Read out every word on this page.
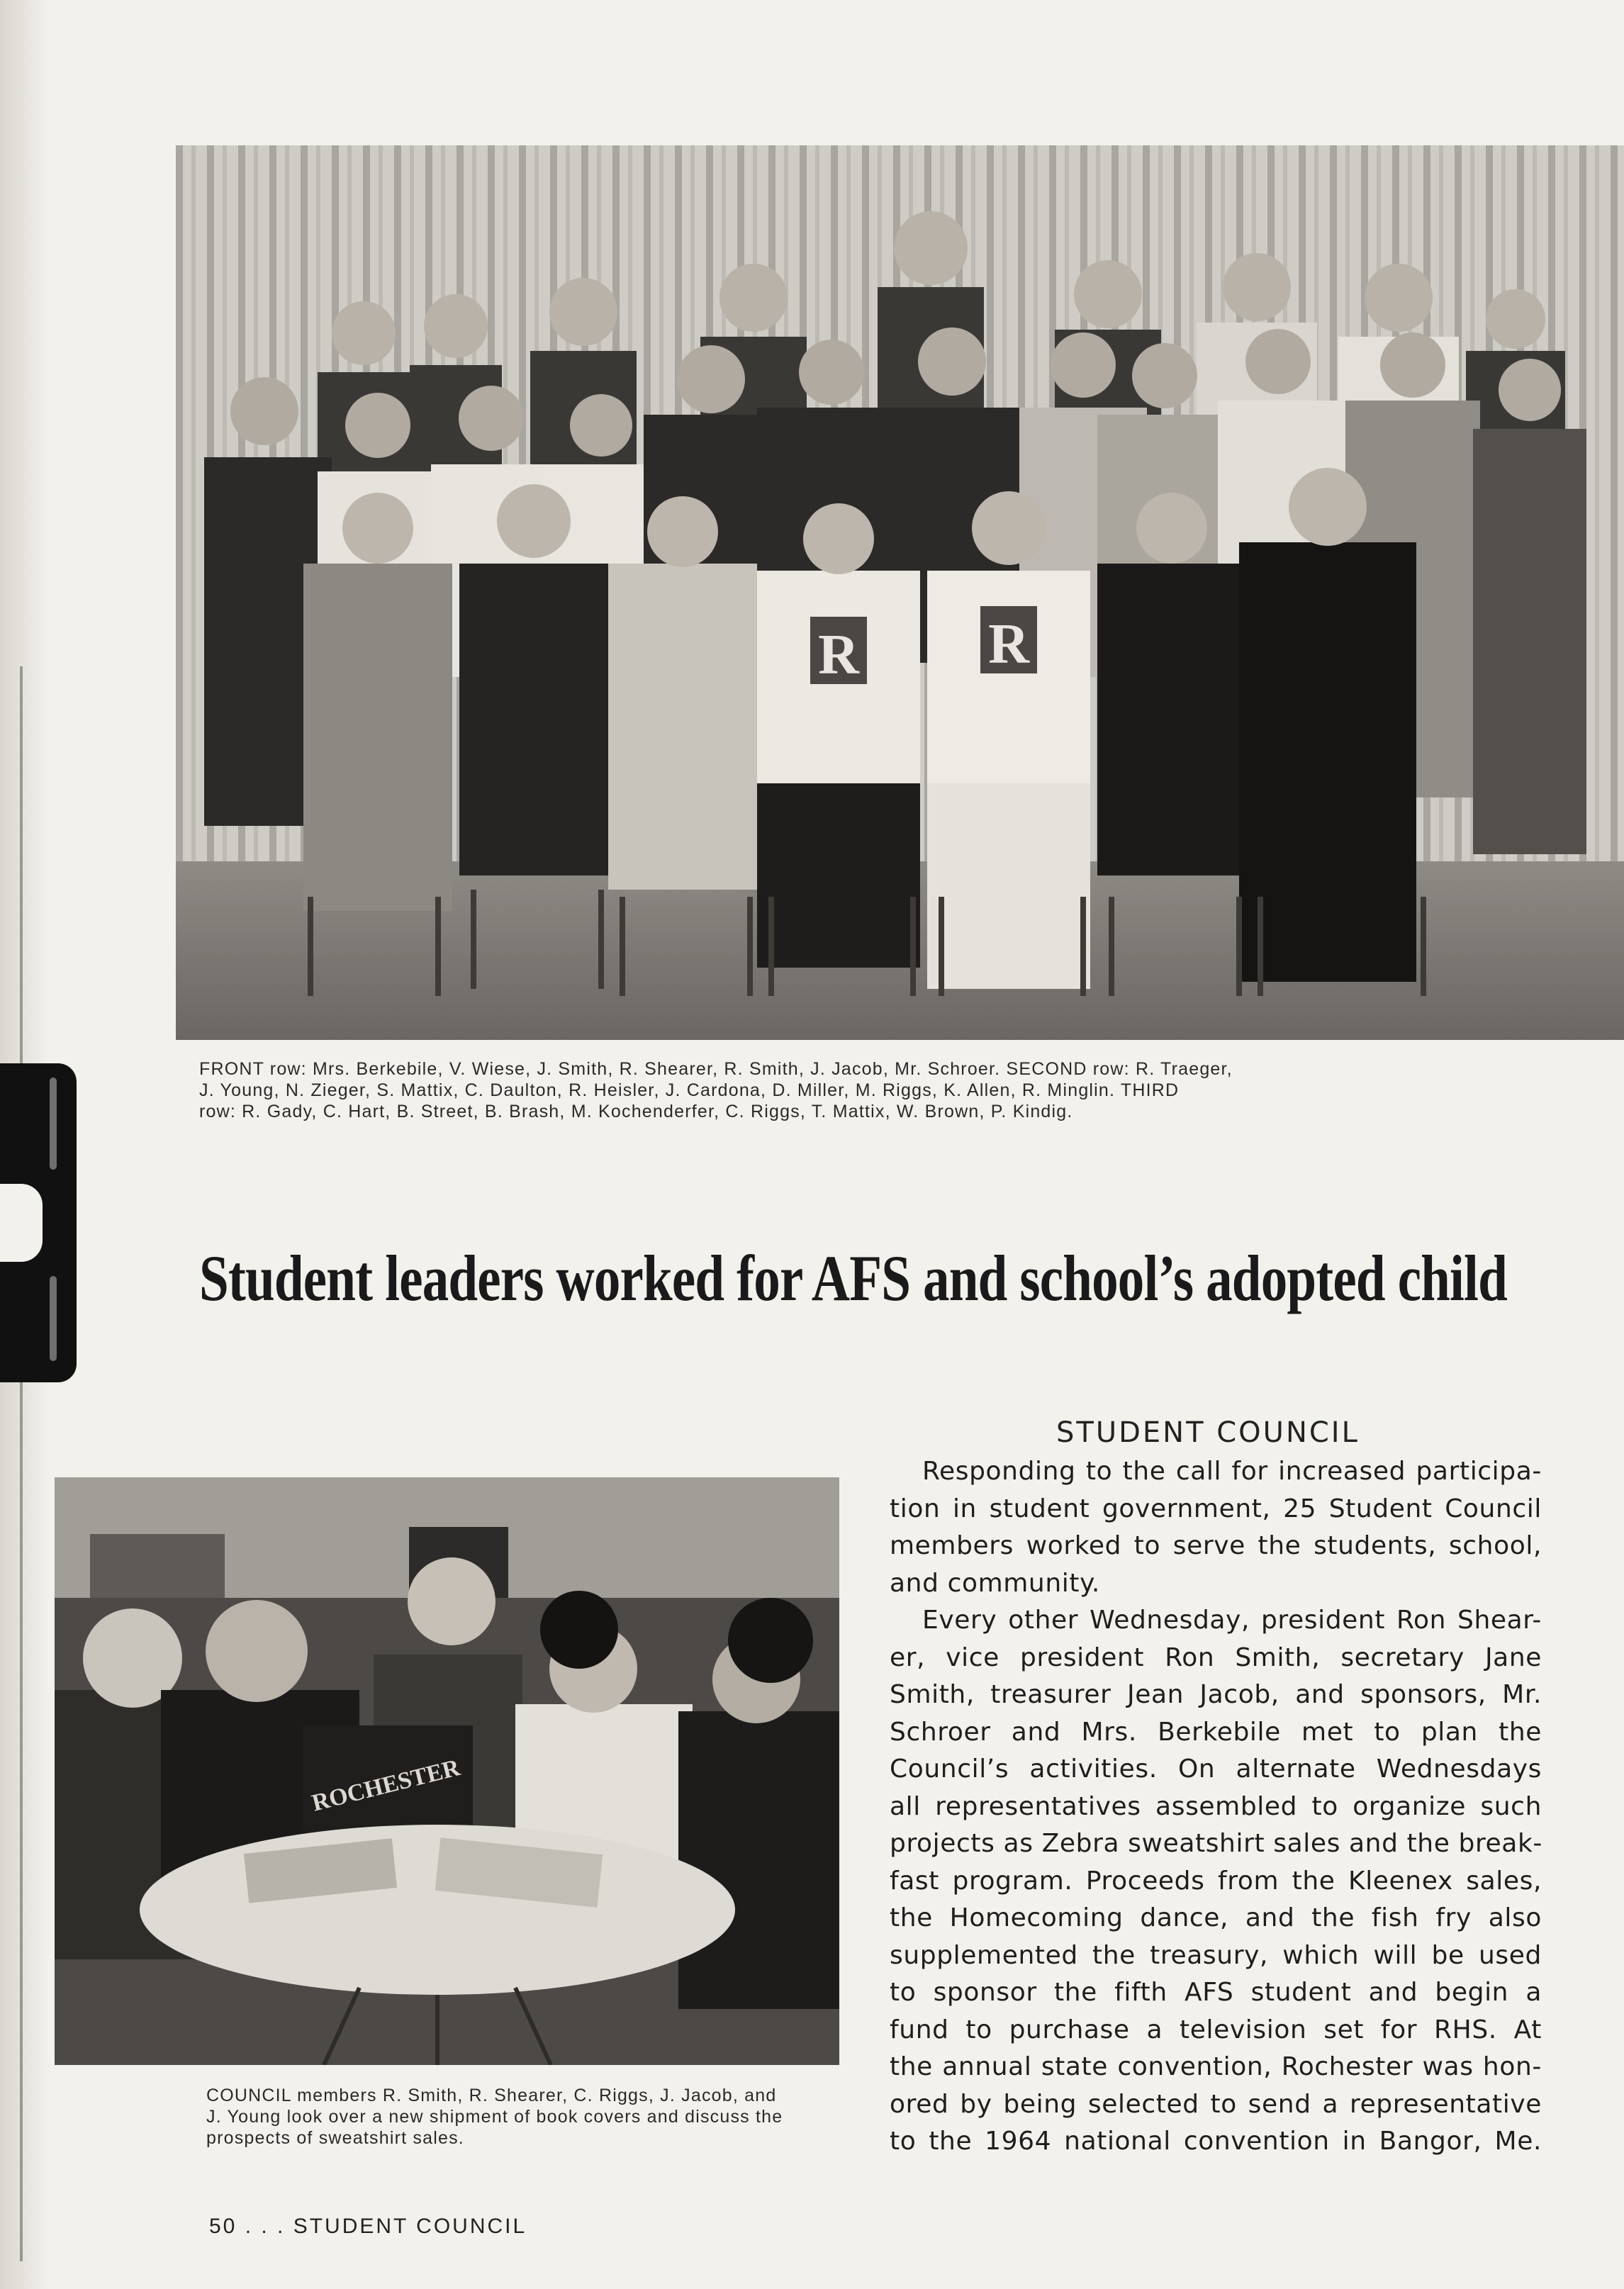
R R
FRONT row: Mrs. Berkebile, V. Wiese, J. Smith, R. Shearer, R. Smith, J. Jacob, Mr. Schroer. SECOND row: R. Traeger,
J. Young, N. Zieger, S. Mattix, C. Daulton, R. Heisler, J. Cardona, D. Miller, M. Riggs, K. Allen, R. Minglin. THIRD
row: R. Gady, C. Hart, B. Street, B. Brash, M. Kochenderfer, C. Riggs, T. Mattix, W. Brown, P. Kindig.
Student leaders worked for AFS and school’s adopted child
ROCHESTER
COUNCIL members R. Smith, R. Shearer, C. Riggs, J. Jacob, and
J. Young look over a new shipment of book covers and discuss the
prospects of sweatshirt sales.
STUDENT COUNCIL
Responding to the call for increased participa-
tion in student government, 25 Student Council
members worked to serve the students, school,
and community.
Every other Wednesday, president Ron Shear-
er, vice president Ron Smith, secretary Jane
Smith, treasurer Jean Jacob, and sponsors, Mr.
Schroer and Mrs. Berkebile met to plan the
Council’s activities. On alternate Wednesdays
all representatives assembled to organize such
projects as Zebra sweatshirt sales and the break-
fast program. Proceeds from the Kleenex sales,
the Homecoming dance, and the fish fry also
supplemented the treasury, which will be used
to sponsor the fifth AFS student and begin a
fund to purchase a television set for RHS. At
the annual state convention, Rochester was hon-
ored by being selected to send a representative
to the 1964 national convention in Bangor, Me.
50 . . . STUDENT COUNCIL
